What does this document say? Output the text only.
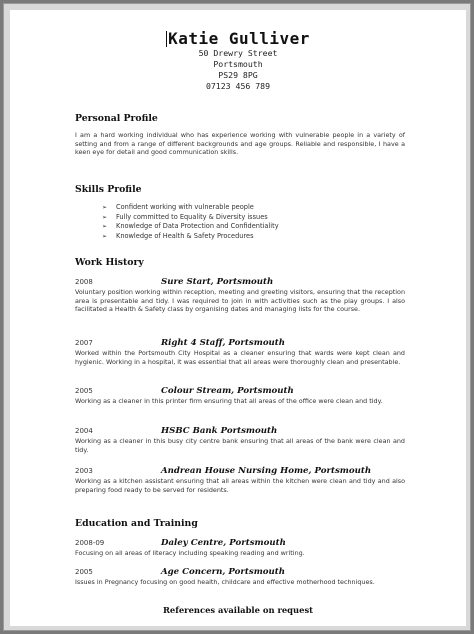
Katie Gulliver
50 Drewry Street
Portsmouth
PS29 8PG
07123 456 789
Personal Profile
I am a hard working individual who has experience working with vulnerable people in a variety of setting and from a range of different backgrounds and age groups. Reliable and responsible, I have a keen eye for detail and good communication skills.
Skills Profile
➢ Confident working with vulnerable people
➢ Fully committed to Equality & Diversity issues
➢ Knowledge of Data Protection and Confidentiality
➢ Knowledge of Health & Safety Procedures
Work History
2008	Sure Start, Portsmouth
Voluntary position working within reception, meeting and greeting visitors, ensuring that the reception area is presentable and tidy. I was required to join in with activities such as the play groups. I also facilitated a Health & Safety class by organising dates and managing lists for the course.
2007	Right 4 Staff, Portsmouth
Worked within the Portsmouth City Hospital as a cleaner ensuring that wards were kept clean and hygienic. Working in a hospital, it was essential that all areas were thoroughly clean and presentable.
2005	Colour Stream, Portsmouth
Working as a cleaner in this printer firm ensuring that all areas of the office were clean and tidy.
2004	HSBC Bank Portsmouth
Working as a cleaner in this busy city centre bank ensuring that all areas of the bank were clean and tidy.
2003	Andrean House Nursing Home, Portsmouth
Working as a kitchen assistant ensuring that all areas within the kitchen were clean and tidy and also preparing food ready to be served for residents.
Education and Training
2008-09	Daley Centre, Portsmouth
Focusing on all areas of literacy including speaking reading and writing.
2005	Age Concern, Portsmouth
Issues in Pregnancy focusing on good health, childcare and effective motherhood techniques.
References available on request
